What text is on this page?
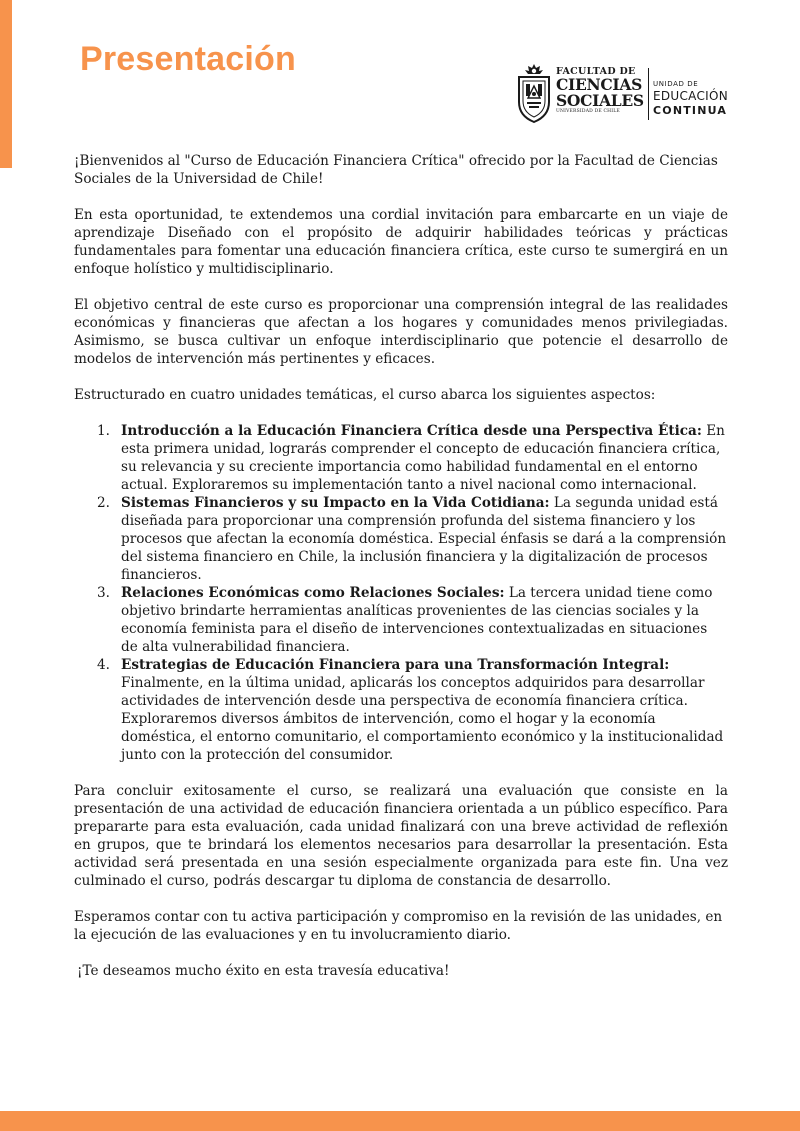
Presentación	FACULTAD DE
CIENCIAS
SOCIALES
UNIVERSIDAD DE CHILE
UNIDAD DE
EDUCACIÓN
CONTINUA

¡Bienvenidos al "Curso de Educación Financiera Crítica" ofrecido por la Facultad de Ciencias Sociales de la Universidad de Chile!

En esta oportunidad, te extendemos una cordial invitación para embarcarte en un viaje de aprendizaje Diseñado con el propósito de adquirir habilidades teóricas y prácticas fundamentales para fomentar una educación financiera crítica, este curso te sumergirá en un enfoque holístico y multidisciplinario.

El objetivo central de este curso es proporcionar una comprensión integral de las realidades económicas y financieras que afectan a los hogares y comunidades menos privilegiadas. Asimismo, se busca cultivar un enfoque interdisciplinario que potencie el desarrollo de modelos de intervención más pertinentes y eficaces.

Estructurado en cuatro unidades temáticas, el curso abarca los siguientes aspectos:

1. Introducción a la Educación Financiera Crítica desde una Perspectiva Ética: En esta primera unidad, lograrás comprender el concepto de educación financiera crítica, su relevancia y su creciente importancia como habilidad fundamental en el entorno actual. Exploraremos su implementación tanto a nivel nacional como internacional.
2. Sistemas Financieros y su Impacto en la Vida Cotidiana: La segunda unidad está diseñada para proporcionar una comprensión profunda del sistema financiero y los procesos que afectan la economía doméstica. Especial énfasis se dará a la comprensión del sistema financiero en Chile, la inclusión financiera y la digitalización de procesos financieros.
3. Relaciones Económicas como Relaciones Sociales: La tercera unidad tiene como objetivo brindarte herramientas analíticas provenientes de las ciencias sociales y la economía feminista para el diseño de intervenciones contextualizadas en situaciones de alta vulnerabilidad financiera.
4. Estrategias de Educación Financiera para una Transformación Integral:Finalmente, en la última unidad, aplicarás los conceptos adquiridos para desarrollar actividades de intervención desde una perspectiva de economía financiera crítica. Exploraremos diversos ámbitos de intervención, como el hogar y la economía doméstica, el entorno comunitario, el comportamiento económico y la institucionalidad junto con la protección del consumidor.

Para concluir exitosamente el curso, se realizará una evaluación que consiste en la presentación de una actividad de educación financiera orientada a un público específico. Para prepararte para esta evaluación, cada unidad finalizará con una breve actividad de reflexión en grupos, que te brindará los elementos necesarios para desarrollar la presentación. Esta actividad será presentada en una sesión especialmente organizada para este fin. Una vez culminado el curso, podrás descargar tu diploma de constancia de desarrollo.

Esperamos contar con tu activa participación y compromiso en la revisión de las unidades, en la ejecución de las evaluaciones y en tu involucramiento diario.

¡Te deseamos mucho éxito en esta travesía educativa!
